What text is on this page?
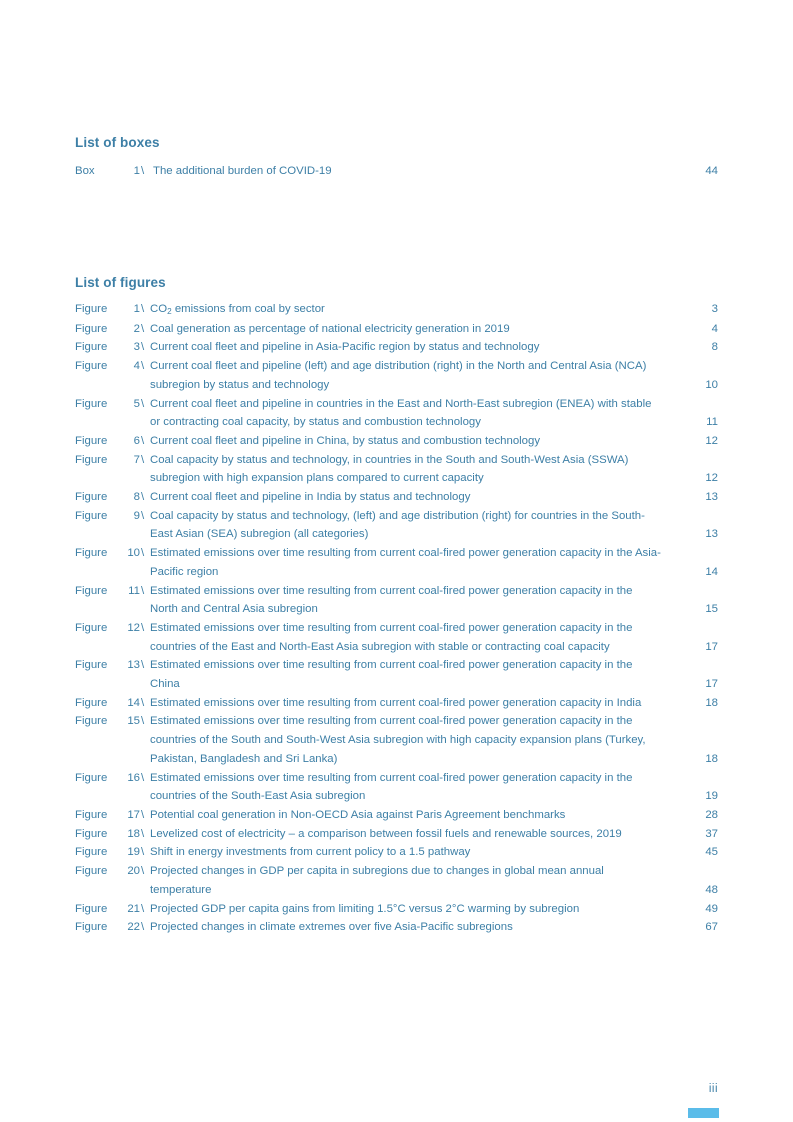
List of boxes
Box	1 \ The additional burden of COVID-19	44
List of figures
Figure	1 \ $CO_2$ emissions from coal by sector	3
Figure	2 \ Coal generation as percentage of national electricity generation in 2019	4
Figure	3 \ Current coal fleet and pipeline in Asia-Pacific region by status and technology	8
Figure	4 \ Current coal fleet and pipeline (left) and age distribution (right) in the North and Central Asia (NCA) subregion by status and technology	10
Figure	5 \ Current coal fleet and pipeline in countries in the East and North-East subregion (ENEA) with stable or contracting coal capacity, by status and combustion technology	11
Figure	6 \ Current coal fleet and pipeline in China, by status and combustion technology	12
Figure	7 \ Coal capacity by status and technology, in countries in the South and South-West Asia (SSWA) subregion with high expansion plans compared to current capacity	12
Figure	8 \ Current coal fleet and pipeline in India by status and technology	13
Figure	9 \ Coal capacity by status and technology, (left) and age distribution (right) for countries in the South-East Asian (SEA) subregion (all categories)	13
Figure	10 \ Estimated emissions over time resulting from current coal-fired power generation capacity in the Asia-Pacific region	14
Figure	11 \ Estimated emissions over time resulting from current coal-fired power generation capacity in the North and Central Asia subregion	15
Figure	12 \ Estimated emissions over time resulting from current coal-fired power generation capacity in the countries of the East and North-East Asia subregion with stable or contracting coal capacity	17
Figure	13 \ Estimated emissions over time resulting from current coal-fired power generation capacity in the China	17
Figure	14 \ Estimated emissions over time resulting from current coal-fired power generation capacity in India	18
Figure	15 \ Estimated emissions over time resulting from current coal-fired power generation capacity in the countries of the South and South-West Asia subregion with high capacity expansion plans (Turkey, Pakistan, Bangladesh and Sri Lanka)	18
Figure	16 \ Estimated emissions over time resulting from current coal-fired power generation capacity in the countries of the South-East Asia subregion	19
Figure	17 \ Potential coal generation in Non-OECD Asia against Paris Agreement benchmarks	28
Figure	18 \ Levelized cost of electricity – a comparison between fossil fuels and renewable sources, 2019	37
Figure	19 \ Shift in energy investments from current policy to a 1.5 pathway	45
Figure	20 \ Projected changes in GDP per capita in subregions due to changes in global mean annual temperature	48
Figure	21 \ Projected GDP per capita gains from limiting 1.5°C versus 2°C warming by subregion	49
Figure	22 \ Projected changes in climate extremes over five Asia-Pacific subregions	67
iii
